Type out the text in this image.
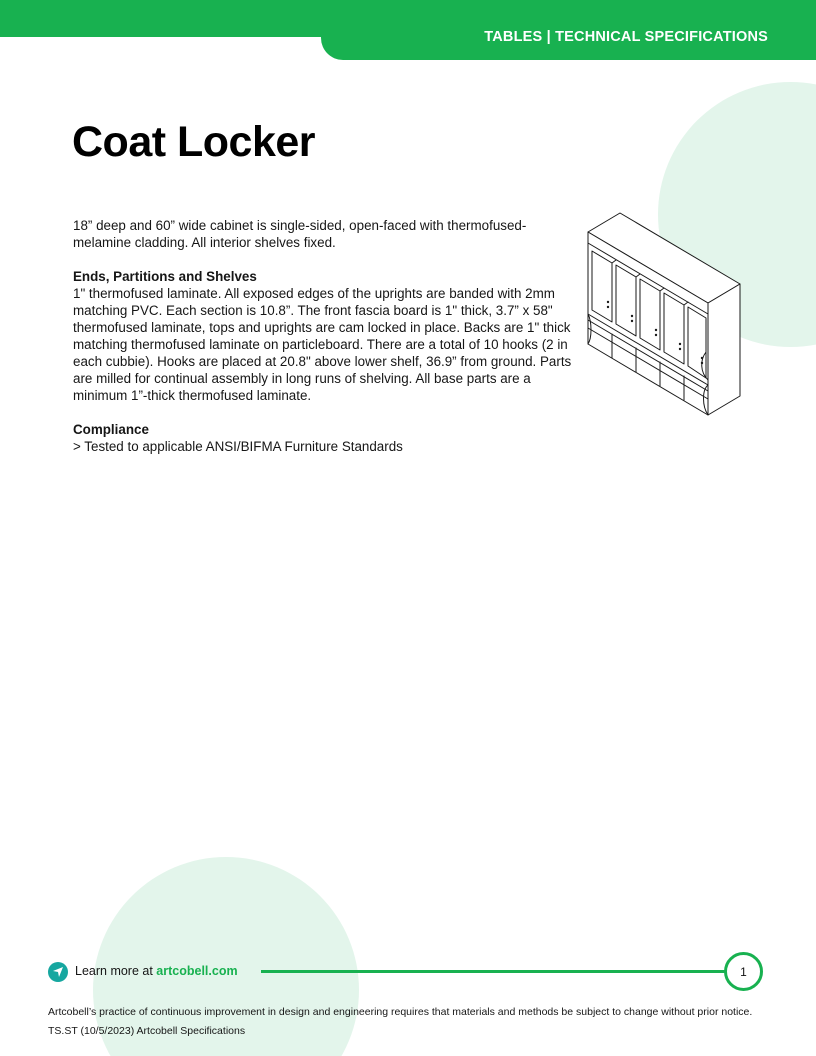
TABLES | TECHNICAL SPECIFICATIONS
Coat Locker

18” deep and 60” wide cabinet is single-sided, open-faced with thermofused-melamine cladding. All interior shelves fixed.

Ends, Partitions and Shelves

1" thermofused laminate. All exposed edges of the uprights are banded with 2mm matching PVC. Each section is 10.8”. The front fascia board is 1" thick, 3.7” x 58" thermofused laminate, tops and uprights are cam locked in place. Backs are 1" thick matching thermofused laminate on particleboard. There are a total of 10 hooks (2 in each cubbie). Hooks are placed at 20.8" above lower shelf, 36.9” from ground. Parts are milled for continual assembly in long runs of shelving. All base parts are a minimum 1”-thick thermofused laminate.

Compliance

> Tested to applicable ANSI/BIFMA Furniture Standards

Learn more at artcobell.com	1
Artcobell’s practice of continuous improvement in design and engineering requires that materials and methods be subject to change without prior notice.
TS.ST (10/5/2023) Artcobell Specifications
